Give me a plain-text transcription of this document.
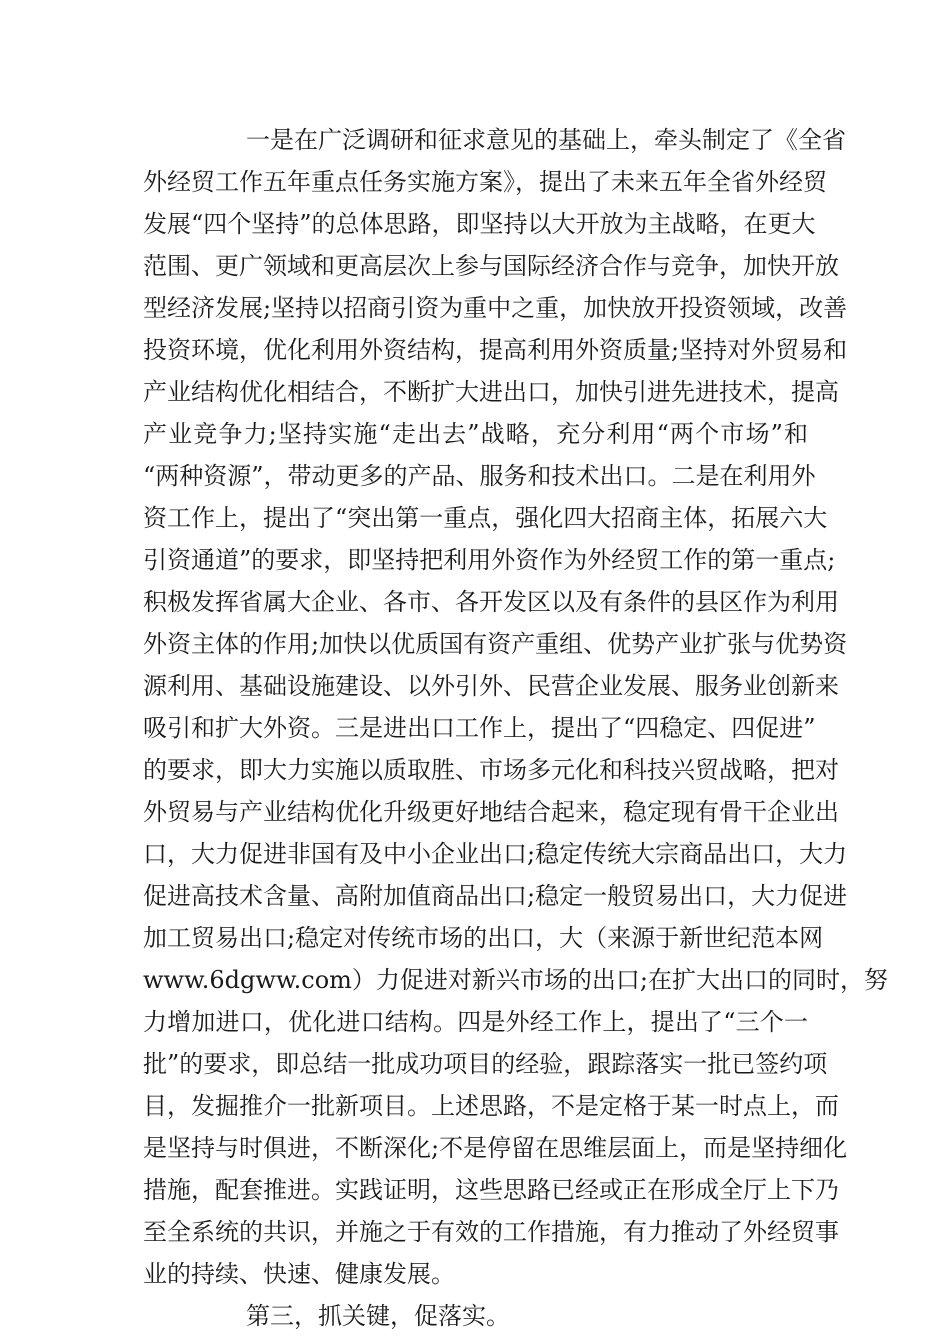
一是在广泛调研和征求意见的基础上，牵头制定了《全省
外经贸工作五年重点任务实施方案》，提出了未来五年全省外经贸
发展“四个坚持”的总体思路，即坚持以大开放为主战略，在更大
范围、更广领域和更高层次上参与国际经济合作与竞争，加快开放
型经济发展;坚持以招商引资为重中之重，加快放开投资领域，改善
投资环境，优化利用外资结构，提高利用外资质量;坚持对外贸易和
产业结构优化相结合，不断扩大进出口，加快引进先进技术，提高
产业竞争力;坚持实施“走出去”战略，充分利用“两个市场”和
“两种资源”，带动更多的产品、服务和技术出口。二是在利用外
资工作上，提出了“突出第一重点，强化四大招商主体，拓展六大
引资通道”的要求，即坚持把利用外资作为外经贸工作的第一重点;
积极发挥省属大企业、各市、各开发区以及有条件的县区作为利用
外资主体的作用;加快以优质国有资产重组、优势产业扩张与优势资
源利用、基础设施建设、以外引外、民营企业发展、服务业创新来
吸引和扩大外资。三是进出口工作上，提出了“四稳定、四促进”
的要求，即大力实施以质取胜、市场多元化和科技兴贸战略，把对
外贸易与产业结构优化升级更好地结合起来，稳定现有骨干企业出
口，大力促进非国有及中小企业出口;稳定传统大宗商品出口，大力
促进高技术含量、高附加值商品出口;稳定一般贸易出口，大力促进
加工贸易出口;稳定对传统市场的出口，大（来源于新世纪范本网
www.6dgww.com）力促进对新兴市场的出口;在扩大出口的同时，努
力增加进口，优化进口结构。四是外经工作上，提出了“三个一
批”的要求，即总结一批成功项目的经验，跟踪落实一批已签约项
目，发掘推介一批新项目。上述思路，不是定格于某一时点上，而
是坚持与时俱进，不断深化;不是停留在思维层面上，而是坚持细化
措施，配套推进。实践证明，这些思路已经或正在形成全厅上下乃
至全系统的共识，并施之于有效的工作措施，有力推动了外经贸事
业的持续、快速、健康发展。
第三，抓关键，促落实。
